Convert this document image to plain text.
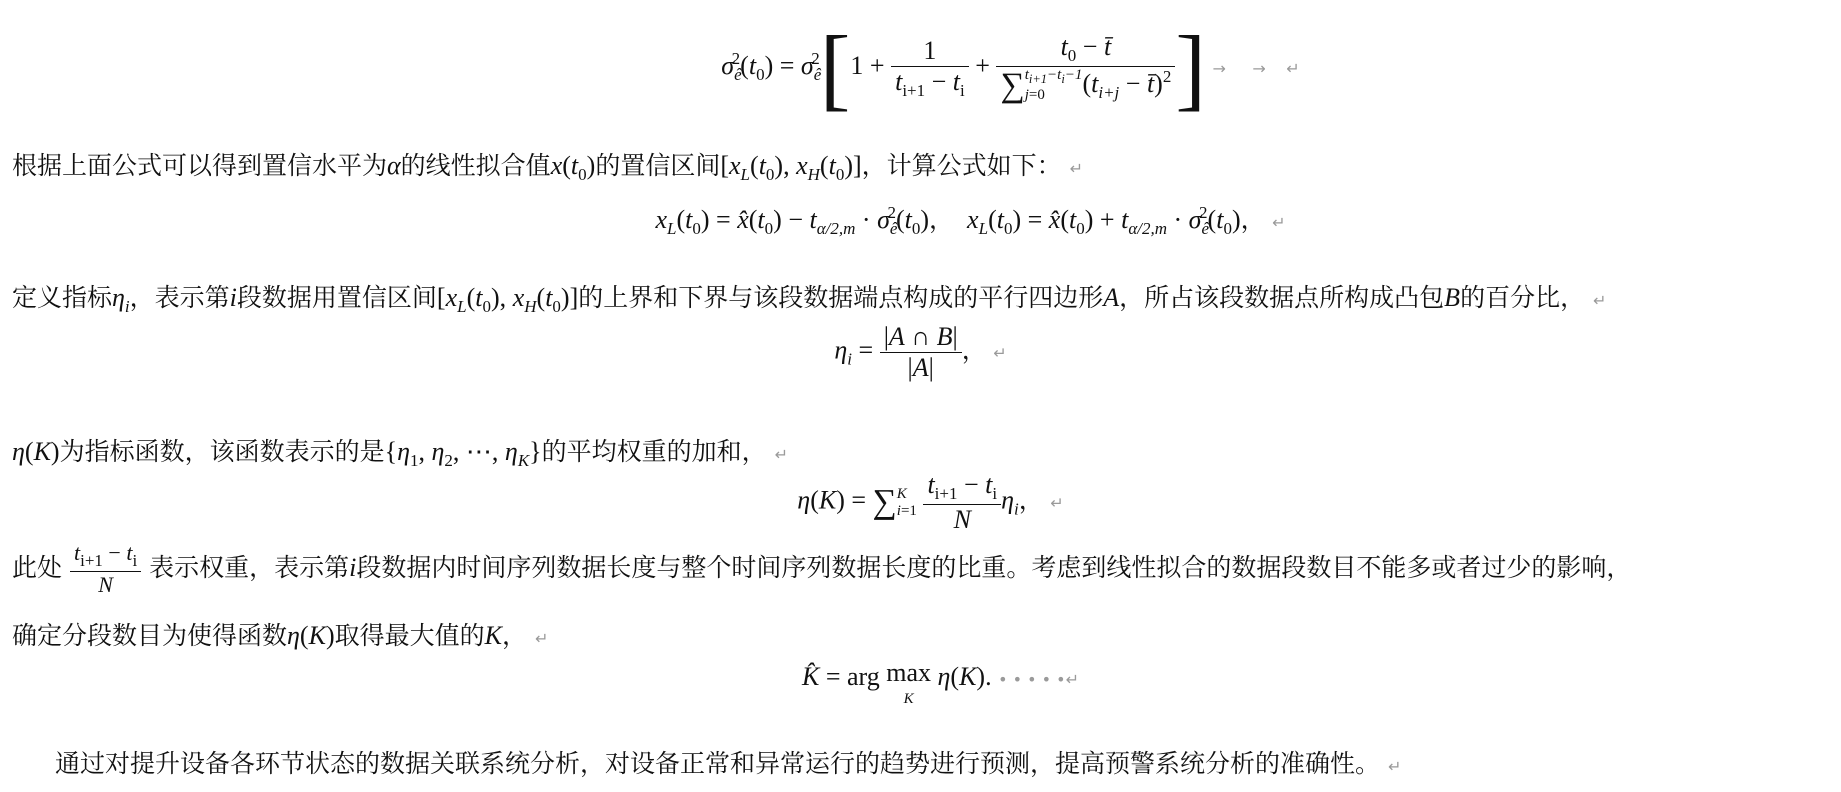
$\sigma_ê^2(t_0) = \sigma_ê^2[1 + \frac{1}{t_{i+1} - t_i}$ +
$t_0$ − t̄
$\sum t_{i+1}-t_i-1$
j=0 ($t_{i+j}$ − t̄)$^2$ ] → → ↵
根据上面公式可以得到置信水平为α的线性拟合值$x(t_0)$的置信区间[$x_L(t_0)$, $x_H(t_0)$]，计算公式如下： ↵
$x_L(t_0)$ = $x̂(t_0) - t_{\alpha/2,m} \cdot \sigma_ê^2(t_0)$， $x_L(t_0)$ = $x̂(t_0) + t_{\alpha/2,m} \cdot \sigma_ê^2(t_0)$， ↵
定义指标$\eta_i$，表示第i段数据用置信区间[$x_L(t_0)$, $x_H(t_0)$]的上界和下界与该段数据端点构成的平行四边形A，所占该段数据点所构成凸包B的百分比， ↵
$\eta_i = \frac{|A \cap B|}{|A|}$ ， ↵
η(K)为指标函数，该函数表示的是{$\eta_1$, $\eta_2$, ⋯, $\eta_K$}的平均权重的加和， ↵
η(K) = ∑K
$i=1 \frac{t_{i+1} - t_i}{N} \eta_i$， ↵
此处 $\frac{t_{i+1} - t_i}{N}$ 表示权重，表示第i段数据内时间序列数据长度与整个时间序列数据长度的比重。考虑到线性拟合的数据段数目不能多或者过少的影响，
确定分段数目为使得函数η(K)取得最大值的K， ↵
K̂ = arg max
K η(K). • • • • •↵
通过对提升设备各环节状态的数据关联系统分析，对设备正常和异常运行的趋势进行预测，提高预警系统分析的准确性。 ↵
